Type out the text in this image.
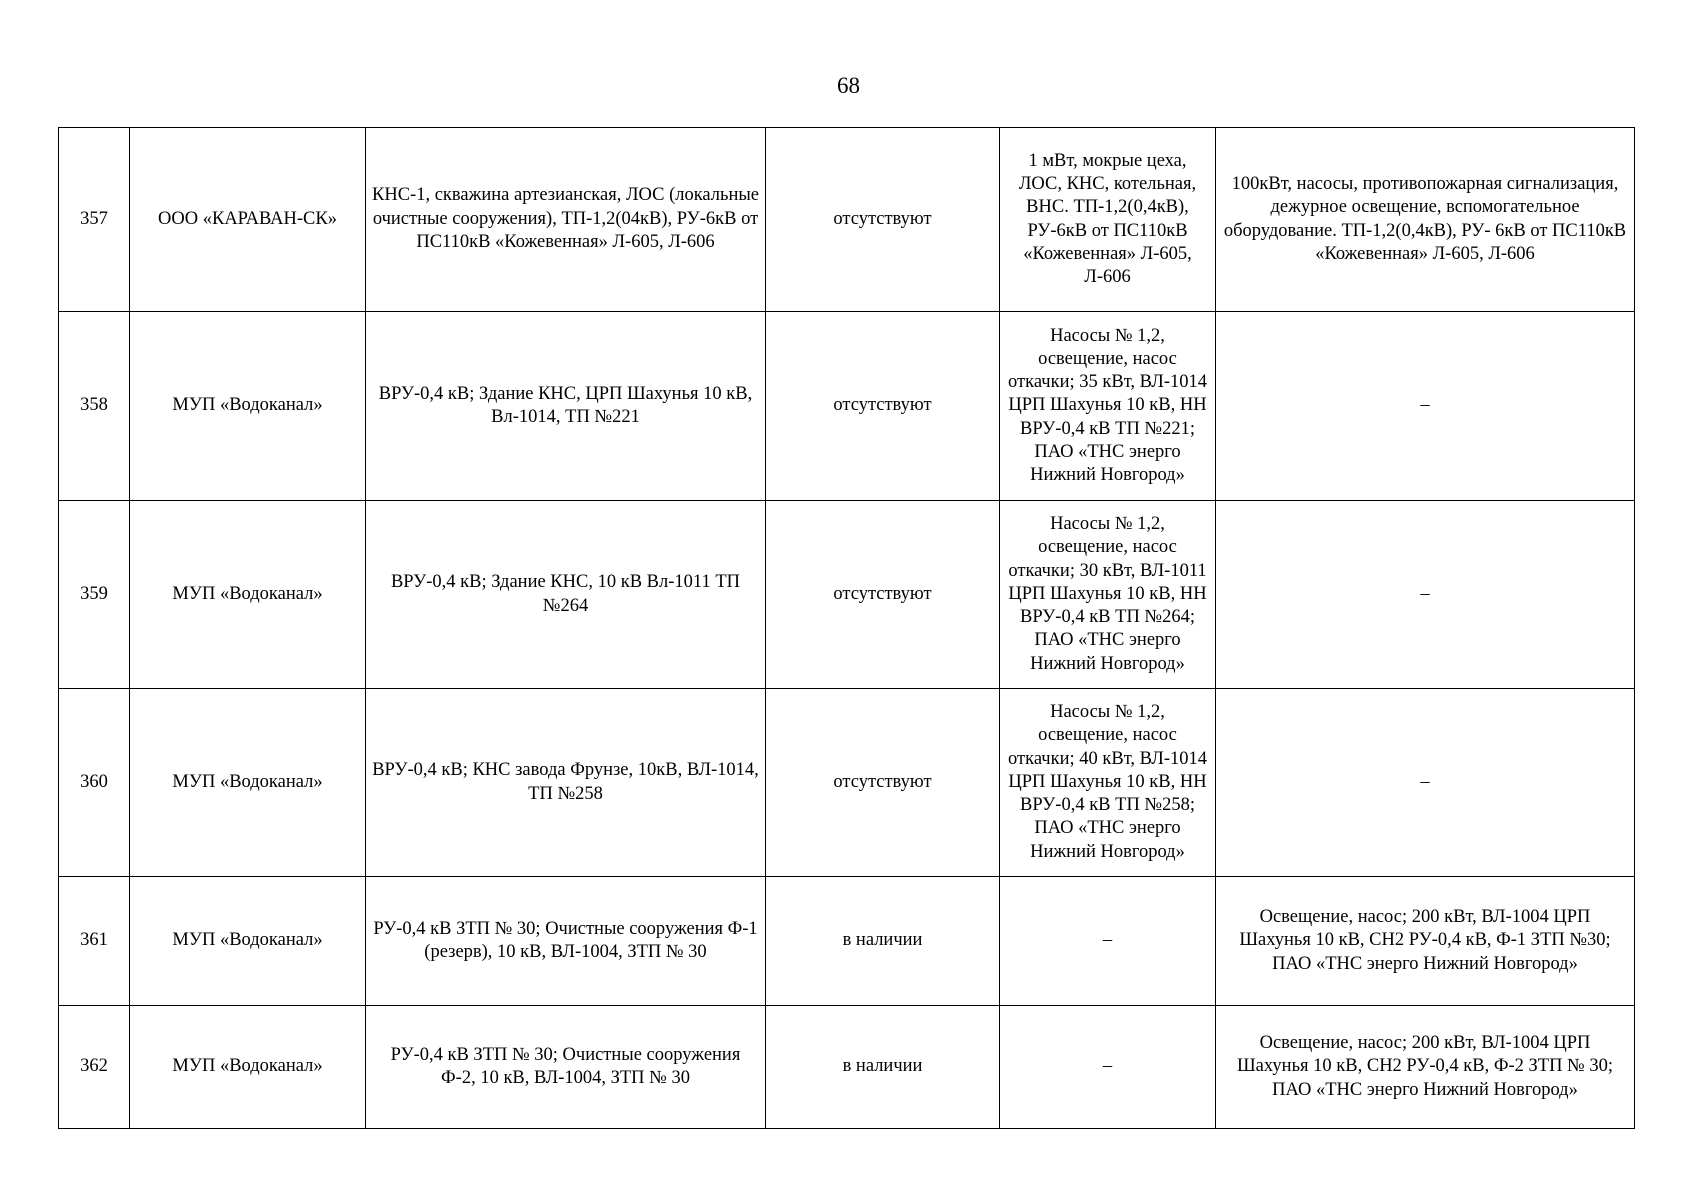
68
357	ООО «КАРАВАН-СК»	КНС-1, скважина артезианская, ЛОС (локальные очистные сооружения), ТП-1,2(04кВ), РУ-6кВ от ПС110кВ «Кожевенная» Л-605, Л-606	отсутствуют	1 мВт, мокрые цеха, ЛОС, КНС, котельная, ВНС. ТП-1,2(0,4кВ), РУ-6кВ от ПС110кВ «Кожевенная» Л-605, Л-606	100кВт, насосы, противопожарная сигнализация, дежурное освещение, вспомогательное оборудование. ТП-1,2(0,4кВ), РУ- 6кВ от ПС110кВ «Кожевенная» Л-605, Л-606
358	МУП «Водоканал»	ВРУ-0,4 кВ; Здание КНС, ЦРП Шахунья 10 кВ, Вл-1014, ТП №221	отсутствуют	Насосы № 1,2, освещение, насос откачки; 35 кВт, ВЛ-1014 ЦРП Шахунья 10 кВ, НН ВРУ-0,4 кВ ТП №221; ПАО «ТНС энерго Нижний Новгород»	–
359	МУП «Водоканал»	ВРУ-0,4 кВ; Здание КНС, 10 кВ Вл-1011 ТП №264	отсутствуют	Насосы № 1,2, освещение, насос откачки; 30 кВт, ВЛ-1011 ЦРП Шахунья 10 кВ, НН ВРУ-0,4 кВ ТП №264; ПАО «ТНС энерго Нижний Новгород»	–
360	МУП «Водоканал»	ВРУ-0,4 кВ; КНС завода Фрунзе, 10кВ, ВЛ-1014, ТП №258	отсутствуют	Насосы № 1,2, освещение, насос откачки; 40 кВт, ВЛ-1014 ЦРП Шахунья 10 кВ, НН ВРУ-0,4 кВ ТП №258; ПАО «ТНС энерго Нижний Новгород»	–
361	МУП «Водоканал»	РУ-0,4 кВ ЗТП № 30; Очистные сооружения Ф-1 (резерв), 10 кВ, ВЛ-1004, ЗТП № 30	в наличии	–	Освещение, насос; 200 кВт, ВЛ-1004 ЦРП Шахунья 10 кВ, СН2 РУ-0,4 кВ, Ф-1 ЗТП №30; ПАО «ТНС энерго Нижний Новгород»
362	МУП «Водоканал»	РУ-0,4 кВ ЗТП № 30; Очистные сооружения Ф-2, 10 кВ, ВЛ-1004, ЗТП № 30	в наличии	–	Освещение, насос; 200 кВт, ВЛ-1004 ЦРП Шахунья 10 кВ, СН2 РУ-0,4 кВ, Ф-2 ЗТП № 30; ПАО «ТНС энерго Нижний Новгород»
